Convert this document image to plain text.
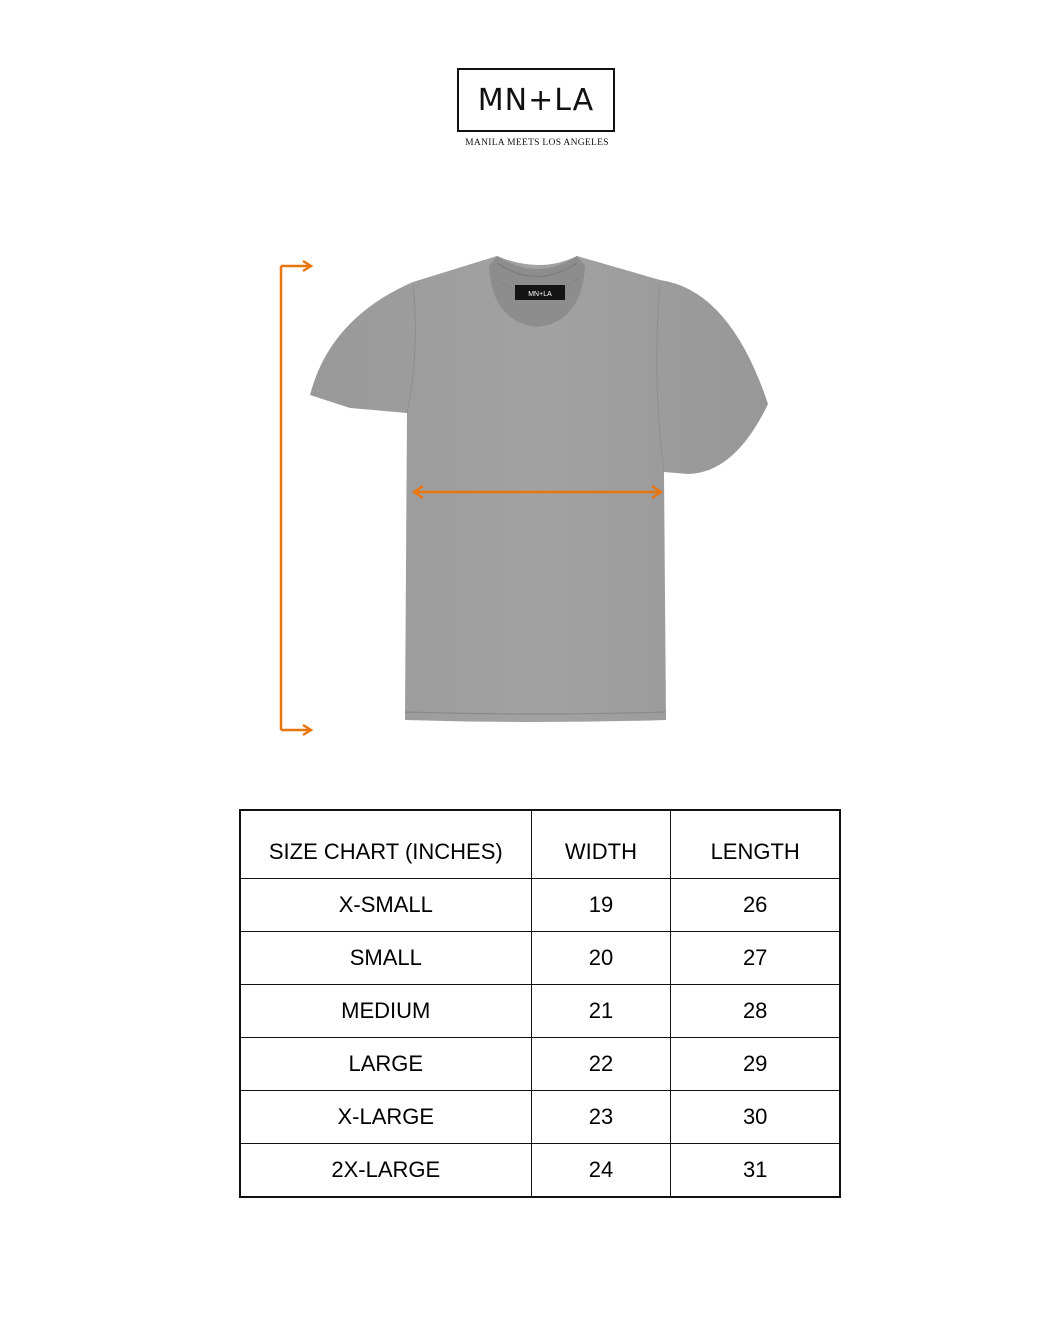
MN+LA
MANILA MEETS LOS ANGELES
MN+LA
SIZE CHART (INCHES)	WIDTH	LENGTH
X-SMALL	19	26
SMALL	20	27
MEDIUM	21	28
LARGE	22	29
X-LARGE	23	30
2X-LARGE	24	31
